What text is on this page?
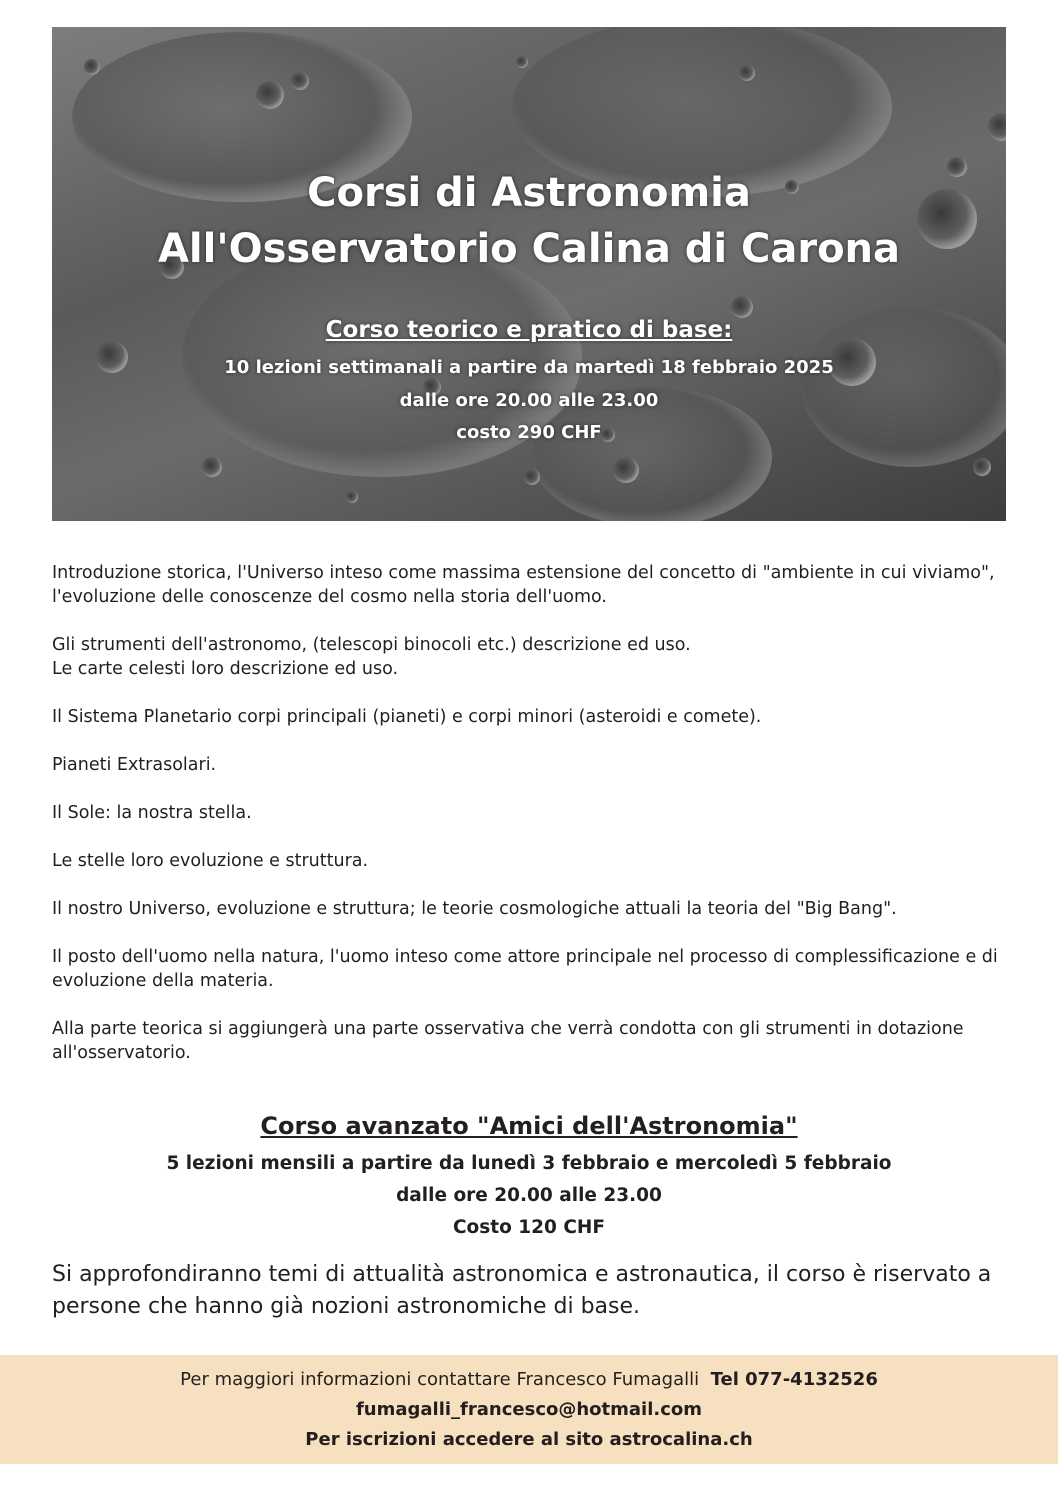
Corsi di Astronomia
All'Osservatorio Calina di Carona
Corso teorico e pratico di base:
10 lezioni settimanali a partire da martedì 18 febbraio 2025
dalle ore 20.00 alle 23.00
costo 290 CHF

Introduzione storica, l'Universo inteso come massima estensione del concetto di "ambiente in cui viviamo", l'evoluzione delle conoscenze del cosmo nella storia dell'uomo.

Gli strumenti dell'astronomo, (telescopi binocoli etc.) descrizione ed uso.

Le carte celesti loro descrizione ed uso.

Il Sistema Planetario corpi principali (pianeti) e corpi minori (asteroidi e comete).

Pianeti Extrasolari.

Il Sole: la nostra stella.

Le stelle loro evoluzione e struttura.

Il nostro Universo, evoluzione e struttura; le teorie cosmologiche attuali la teoria del "Big Bang".

Il posto dell'uomo nella natura, l'uomo inteso come attore principale nel processo di complessificazione e di evoluzione della materia.

Alla parte teorica si aggiungerà una parte osservativa che verrà condotta con gli strumenti in dotazione all'osservatorio.

Corso avanzato "Amici dell'Astronomia"
5 lezioni mensili a partire da lunedì 3 febbraio e mercoledì 5 febbraio
dalle ore 20.00 alle 23.00
Costo 120 CHF
Si approfondiranno temi di attualità astronomica e astronautica, il corso è riservato a persone che hanno già nozioni astronomiche di base.
Per maggiori informazioni contattare Francesco Fumagalli Tel 077-4132526
fumagalli_francesco@hotmail.com
Per iscrizioni accedere al sito astrocalina.ch
